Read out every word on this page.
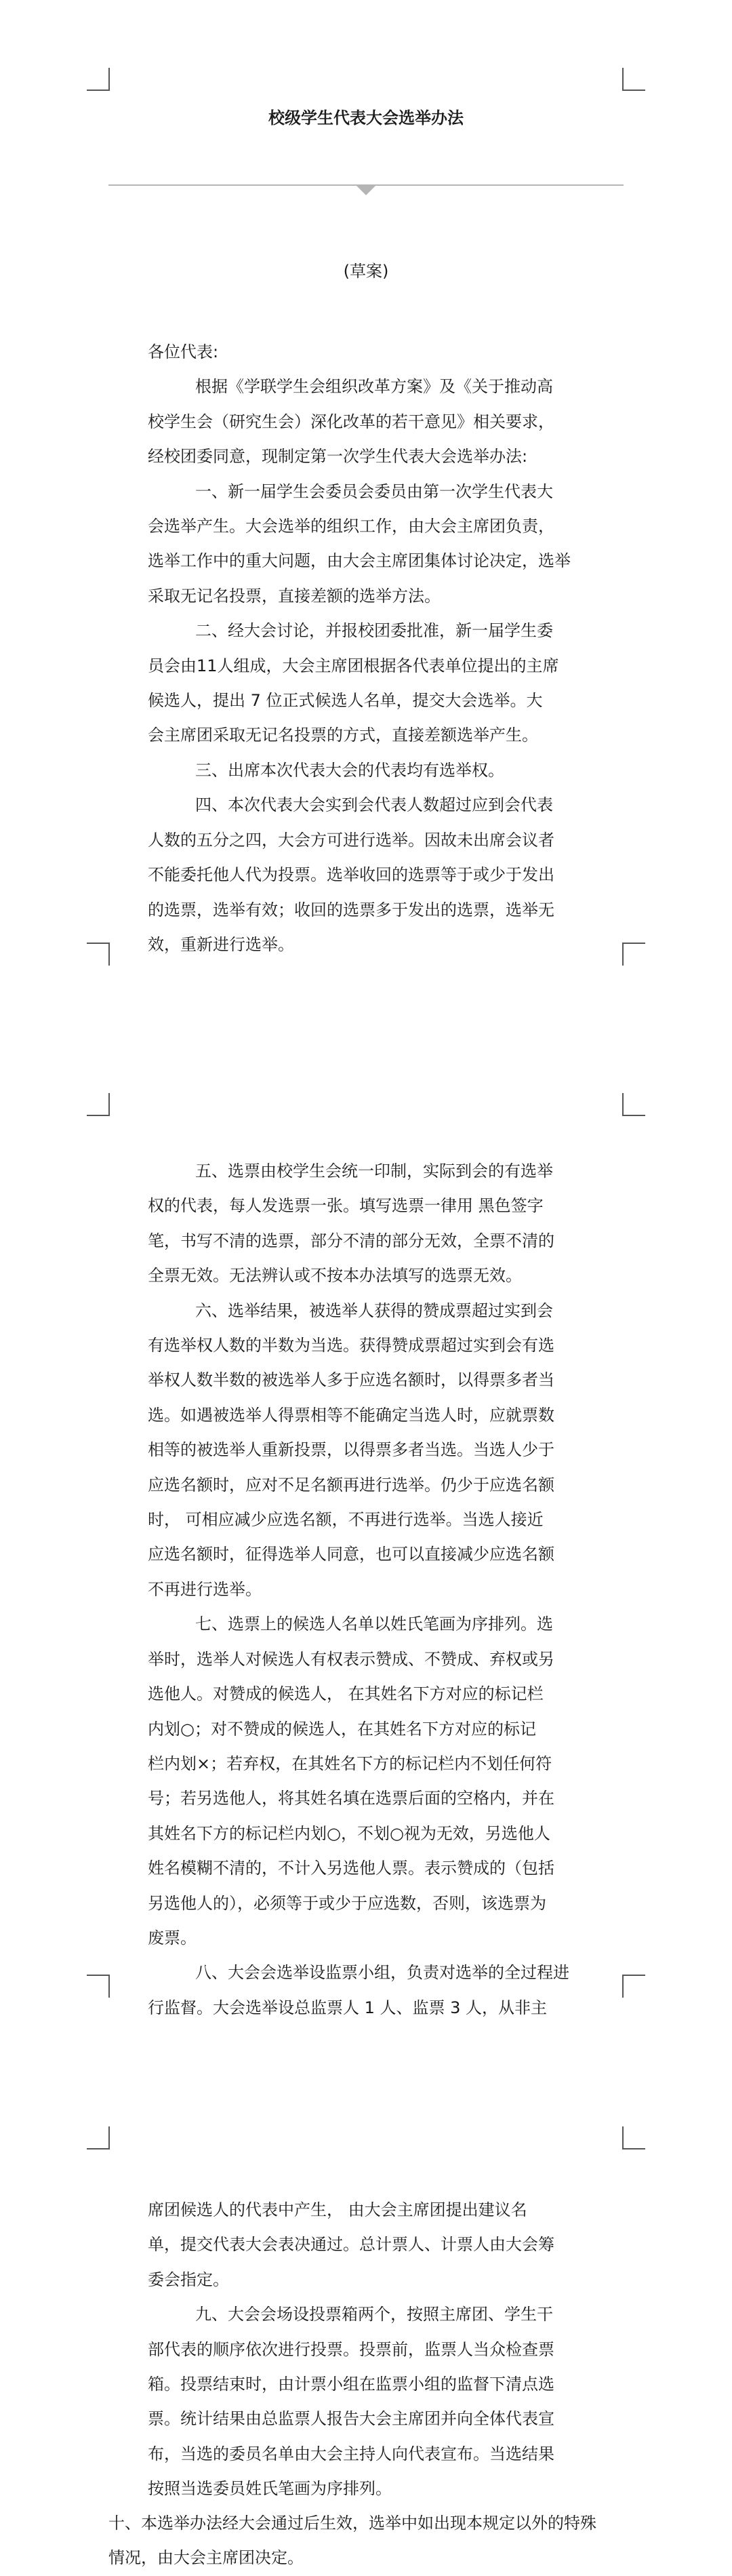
校级学生代表大会选举办法
(草案)

各位代表:

根据《学联学生会组织改革方案》及《关于推动高

校学生会（研究生会）深化改革的若干意见》相关要求，

经校团委同意，现制定第一次学生代表大会选举办法:

一、新一届学生会委员会委员由第一次学生代表大

会选举产生。大会选举的组织工作，由大会主席团负责，

选举工作中的重大问题，由大会主席团集体讨论决定，选举

采取无记名投票，直接差额的选举方法。

二、经大会讨论，并报校团委批准，新一届学生委

员会由11人组成，大会主席团根据各代表单位提出的主席

候选人，提出 7 位正式候选人名单，提交大会选举。大

会主席团采取无记名投票的方式，直接差额选举产生。

三、出席本次代表大会的代表均有选举权。

四、本次代表大会实到会代表人数超过应到会代表

人数的五分之四，大会方可进行选举。因故未出席会议者

不能委托他人代为投票。选举收回的选票等于或少于发出

的选票，选举有效；收回的选票多于发出的选票，选举无

效，重新进行选举。

五、选票由校学生会统一印制，实际到会的有选举

权的代表，每人发选票一张。填写选票一律用 黑色签字

笔，书写不清的选票，部分不清的部分无效，全票不清的

全票无效。无法辨认或不按本办法填写的选票无效。

六、选举结果，被选举人获得的赞成票超过实到会

有选举权人数的半数为当选。获得赞成票超过实到会有选

举权人数半数的被选举人多于应选名额时，以得票多者当

选。如遇被选举人得票相等不能确定当选人时，应就票数

相等的被选举人重新投票，以得票多者当选。当选人少于

应选名额时，应对不足名额再进行选举。仍少于应选名额

时， 可相应减少应选名额，不再进行选举。当选人接近

应选名额时，征得选举人同意，也可以直接减少应选名额

不再进行选举。

七、选票上的候选人名单以姓氏笔画为序排列。选

举时，选举人对候选人有权表示赞成、不赞成、弃权或另

选他人。对赞成的候选人， 在其姓名下方对应的标记栏

内划○；对不赞成的候选人，在其姓名下方对应的标记

栏内划×；若弃权，在其姓名下方的标记栏内不划任何符

号；若另选他人，将其姓名填在选票后面的空格内，并在

其姓名下方的标记栏内划○，不划○视为无效，另选他人

姓名模糊不清的，不计入另选他人票。表示赞成的（包括

另选他人的），必须等于或少于应选数，否则，该选票为

废票。

八、大会会选举设监票小组，负责对选举的全过程进

行监督。大会选举设总监票人 1 人、监票 3 人，从非主

席团候选人的代表中产生， 由大会主席团提出建议名

单，提交代表大会表决通过。总计票人、计票人由大会筹

委会指定。

九、大会会场设投票箱两个，按照主席团、学生干

部代表的顺序依次进行投票。投票前，监票人当众检查票

箱。投票结束时，由计票小组在监票小组的监督下清点选

票。统计结果由总监票人报告大会主席团并向全体代表宣

布，当选的委员名单由大会主持人向代表宣布。当选结果

按照当选委员姓氏笔画为序排列。

十、本选举办法经大会通过后生效，选举中如出现本规定以外的特殊

情况，由大会主席团决定。
